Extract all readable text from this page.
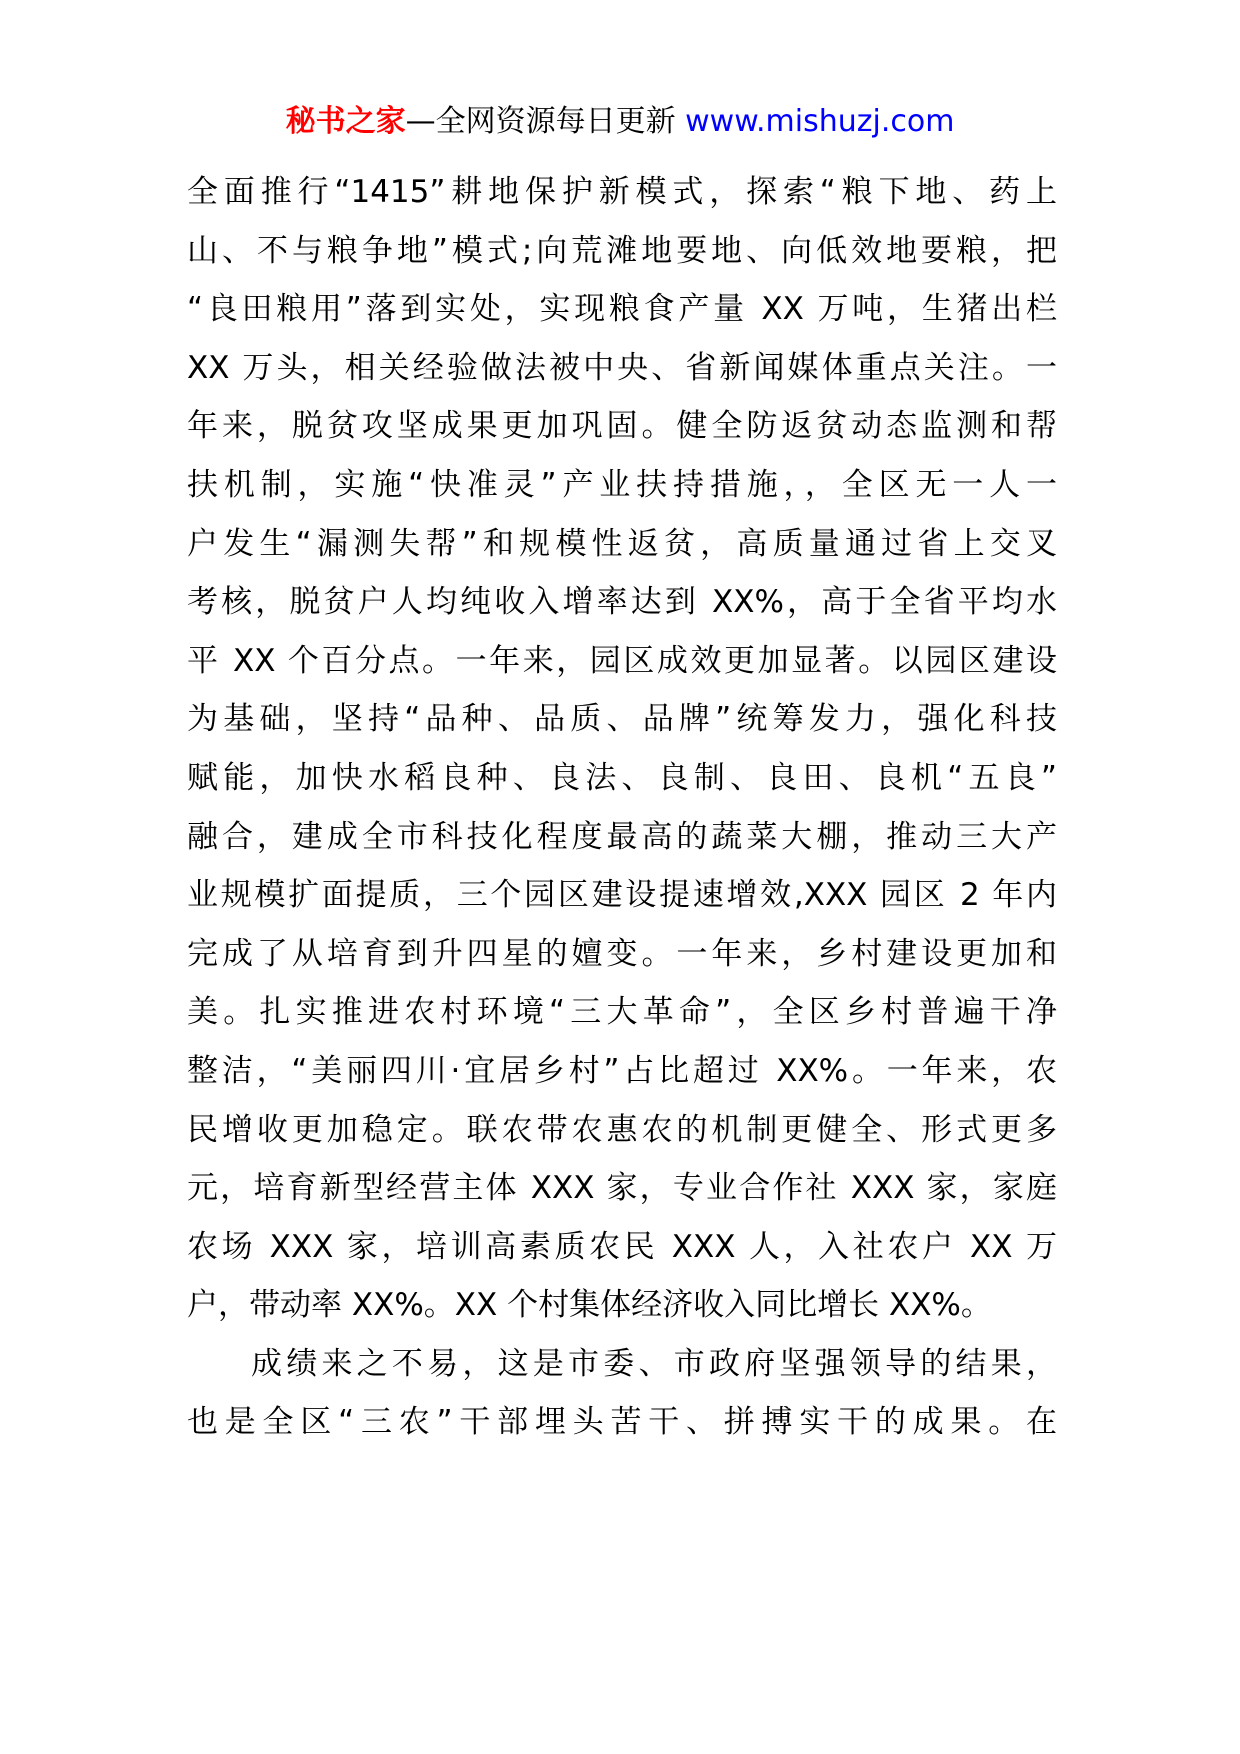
秘书之家—全网资源每日更新 www.mishuzj.com
全面推行“1415”耕地保护新模式，探索“粮下地、药上
山、不与粮争地”模式;向荒滩地要地、向低效地要粮，把
“良田粮用”落到实处，实现粮食产量 XX 万吨，生猪出栏
XX 万头，相关经验做法被中央、省新闻媒体重点关注。一
年来，脱贫攻坚成果更加巩固。健全防返贫动态监测和帮
扶机制，实施“快准灵”产业扶持措施，，全区无一人一
户发生“漏测失帮”和规模性返贫，高质量通过省上交叉
考核，脱贫户人均纯收入增率达到 XX%，高于全省平均水
平 XX 个百分点。一年来，园区成效更加显著。以园区建设
为基础，坚持“品种、品质、品牌”统筹发力，强化科技
赋能，加快水稻良种、良法、良制、良田、良机“五良”
融合，建成全市科技化程度最高的蔬菜大棚，推动三大产
业规模扩面提质，三个园区建设提速增效,XXX 园区 2 年内
完成了从培育到升四星的嬗变。一年来，乡村建设更加和
美。扎实推进农村环境“三大革命”，全区乡村普遍干净
整洁，“美丽四川·宜居乡村”占比超过 XX%。一年来，农
民增收更加稳定。联农带农惠农的机制更健全、形式更多
元，培育新型经营主体 XXX 家，专业合作社 XXX 家，家庭
农场 XXX 家，培训高素质农民 XXX 人，入社农户 XX 万
户，带动率 XX%。XX 个村集体经济收入同比增长 XX%。
成绩来之不易，这是市委、市政府坚强领导的结果，
也是全区“三农”干部埋头苦干、拼搏实干的成果。在
